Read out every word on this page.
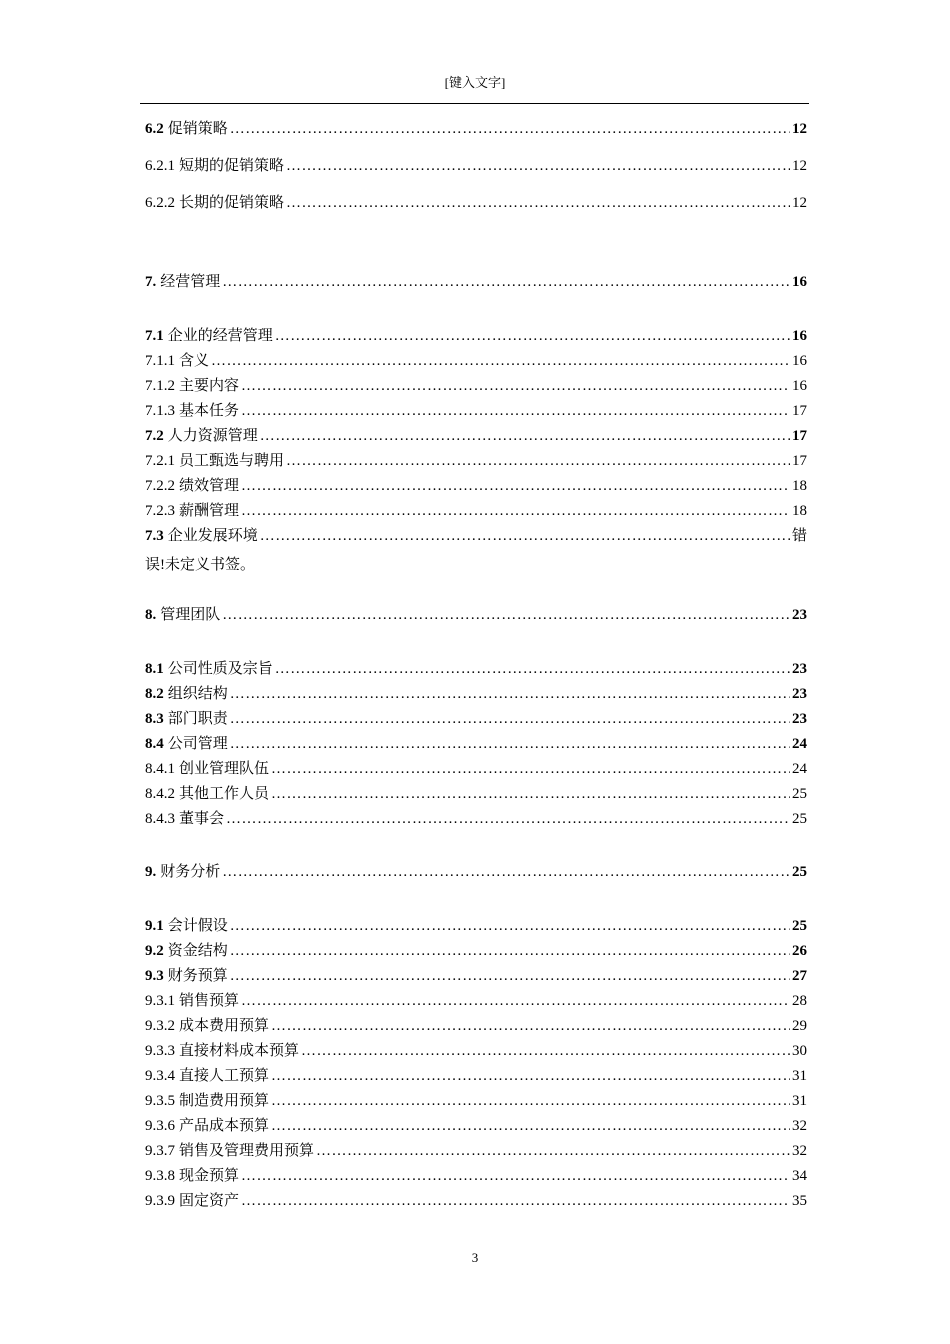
[键入文字]
6.2 促销策略 …………………………………………………………………………………………………………………………………………………………………………………………………	12
6.2.1 短期的促销策略 …………………………………………………………………………………………………………………………………………………………………………………………………	12
6.2.2 长期的促销策略 …………………………………………………………………………………………………………………………………………………………………………………………………	12
7. 经营管理 …………………………………………………………………………………………………………………………………………………………………………………………………	16
7.1 企业的经营管理 …………………………………………………………………………………………………………………………………………………………………………………………………	16
7.1.1 含义 …………………………………………………………………………………………………………………………………………………………………………………………………	16
7.1.2 主要内容 …………………………………………………………………………………………………………………………………………………………………………………………………	16
7.1.3 基本任务 …………………………………………………………………………………………………………………………………………………………………………………………………	17
7.2 人力资源管理 …………………………………………………………………………………………………………………………………………………………………………………………………	17
7.2.1 员工甄选与聘用 …………………………………………………………………………………………………………………………………………………………………………………………………	17
7.2.2 绩效管理 …………………………………………………………………………………………………………………………………………………………………………………………………	18
7.2.3 薪酬管理 …………………………………………………………………………………………………………………………………………………………………………………………………	18
7.3 企业发展环境 …………………………………………………………………………………………………………………………………………………………………………………………………	错
误!未定义书签。
8. 管理团队 …………………………………………………………………………………………………………………………………………………………………………………………………	23
8.1 公司性质及宗旨 …………………………………………………………………………………………………………………………………………………………………………………………………	23
8.2 组织结构 …………………………………………………………………………………………………………………………………………………………………………………………………	23
8.3 部门职责 …………………………………………………………………………………………………………………………………………………………………………………………………	23
8.4 公司管理 …………………………………………………………………………………………………………………………………………………………………………………………………	24
8.4.1 创业管理队伍 …………………………………………………………………………………………………………………………………………………………………………………………………	24
8.4.2 其他工作人员 …………………………………………………………………………………………………………………………………………………………………………………………………	25
8.4.3 董事会 …………………………………………………………………………………………………………………………………………………………………………………………………	25
9. 财务分析 …………………………………………………………………………………………………………………………………………………………………………………………………	25
9.1 会计假设 …………………………………………………………………………………………………………………………………………………………………………………………………	25
9.2 资金结构 …………………………………………………………………………………………………………………………………………………………………………………………………	26
9.3 财务预算 …………………………………………………………………………………………………………………………………………………………………………………………………	27
9.3.1 销售预算 …………………………………………………………………………………………………………………………………………………………………………………………………	28
9.3.2 成本费用预算 …………………………………………………………………………………………………………………………………………………………………………………………………	29
9.3.3 直接材料成本预算 …………………………………………………………………………………………………………………………………………………………………………………………………	30
9.3.4 直接人工预算 …………………………………………………………………………………………………………………………………………………………………………………………………	31
9.3.5 制造费用预算 …………………………………………………………………………………………………………………………………………………………………………………………………	31
9.3.6 产品成本预算 …………………………………………………………………………………………………………………………………………………………………………………………………	32
9.3.7 销售及管理费用预算 …………………………………………………………………………………………………………………………………………………………………………………………………	32
9.3.8 现金预算 …………………………………………………………………………………………………………………………………………………………………………………………………	34
9.3.9 固定资产 …………………………………………………………………………………………………………………………………………………………………………………………………	35
3
